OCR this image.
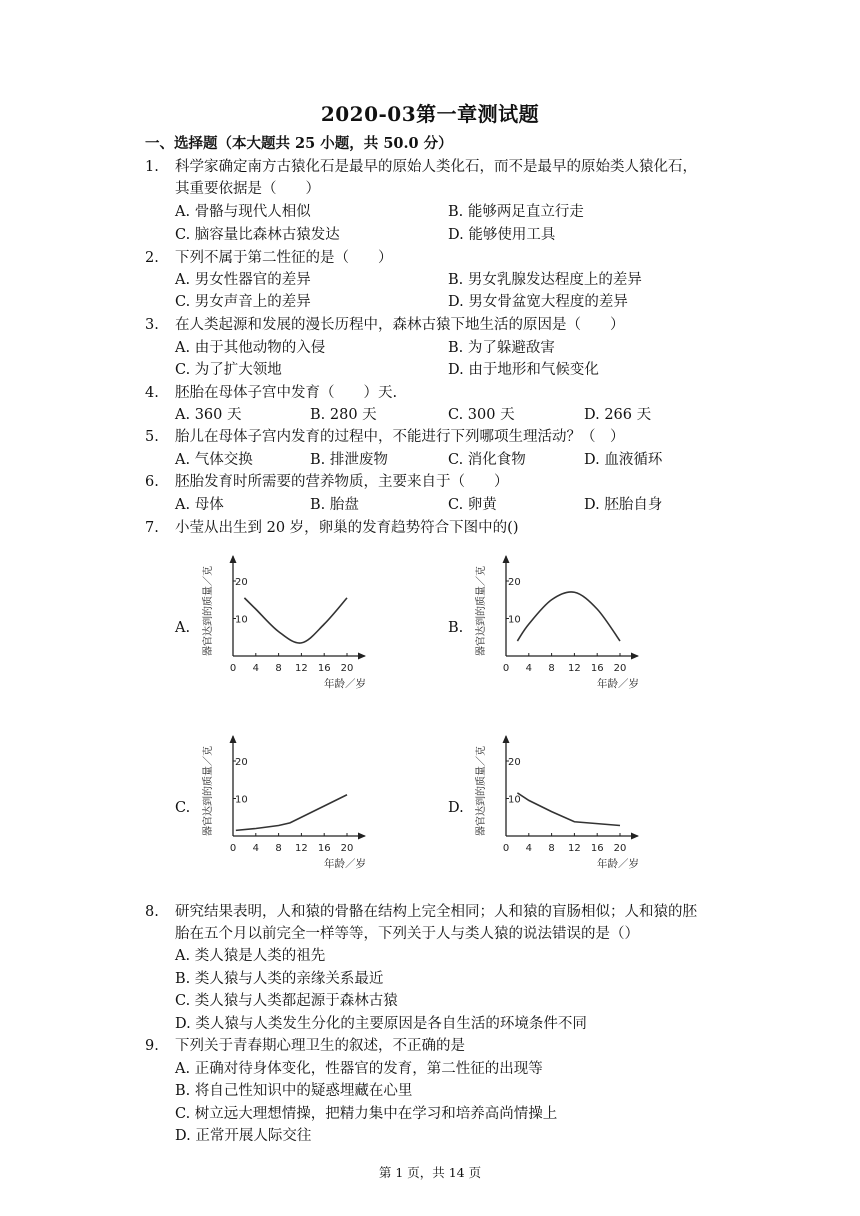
2020-03第一章测试题
一、选择题（本大题共 25 小题，共 50.0 分）
1. 科学家确定南方古猿化石是最早的原始人类化石，而不是最早的原始类人猿化石，
其重要依据是（　　）
A. 骨骼与现代人相似	B. 能够两足直立行走
C. 脑容量比森林古猿发达	D. 能够使用工具
2. 下列不属于第二性征的是（　　）
A. 男女性器官的差异	B. 男女乳腺发达程度上的差异
C. 男女声音上的差异	D. 男女骨盆宽大程度的差异
3. 在人类起源和发展的漫长历程中，森林古猿下地生活的原因是（　　）
A. 由于其他动物的入侵	B. 为了躲避敌害
C. 为了扩大领地	D. 由于地形和气候变化
4. 胚胎在母体子宫中发育（　　）天.
A. 360 天	B. 280 天	C. 300 天	D. 266 天
5. 胎儿在母体子宫内发育的过程中，不能进行下列哪项生理活动？（　）
A. 气体交换	B. 排泄废物	C. 消化食物	D. 血液循环
6. 胚胎发育时所需要的营养物质，主要来自于（　　）
A. 母体	B. 胎盘	C. 卵黄	D. 胚胎自身
7. 小莹从出生到 20 岁，卵巢的发育趋势符合下图中的()
A.	B.
C.	D.
0 4 8 12 16 20
10
20
器官达到的质量／克
年龄／岁
0 4 8 12 16 20
10
20
器官达到的质量／克
年龄／岁
0 4 8 12 16 20
10
20
器官达到的质量／克
年龄／岁
0 4 8 12 16 20
10
20
器官达到的质量／克
年龄／岁
8. 研究结果表明，人和猿的骨骼在结构上完全相同；人和猿的盲肠相似；人和猿的胚
胎在五个月以前完全一样等等，下列关于人与类人猿的说法错误的是（）
A. 类人猿是人类的祖先
B. 类人猿与人类的亲缘关系最近
C. 类人猿与人类都起源于森林古猿
D. 类人猿与人类发生分化的主要原因是各自生活的环境条件不同
9. 下列关于青春期心理卫生的叙述，不正确的是
A. 正确对待身体变化，性器官的发育，第二性征的出现等
B. 将自己性知识中的疑惑埋藏在心里
C. 树立远大理想情操，把精力集中在学习和培养高尚情操上
D. 正常开展人际交往
第 1 页，共 14 页
